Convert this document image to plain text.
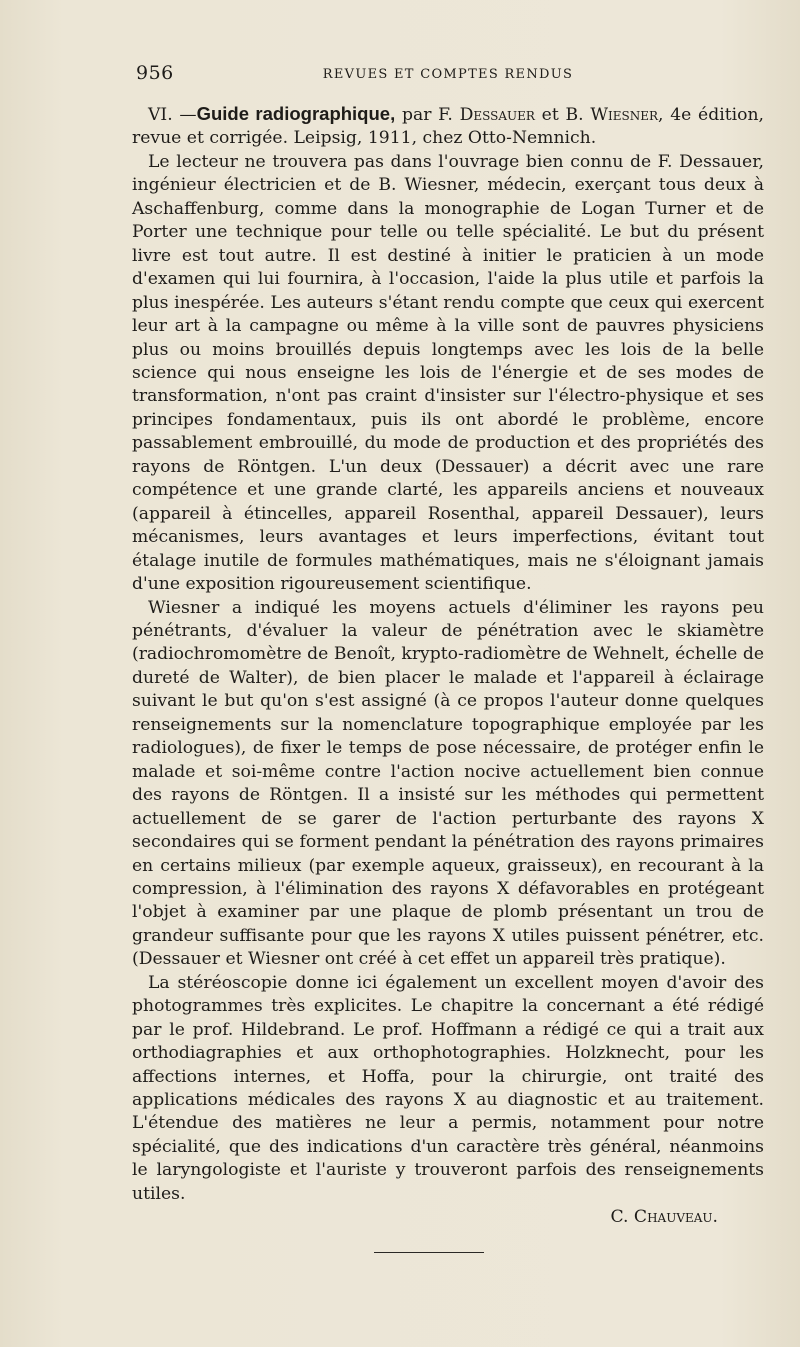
956	REVUES ET COMPTES RENDUS

VI. —Guide radiographique, par F. Dessauer et B. Wiesner, 4e édition, revue et corrigée. Leipsig, 1911, chez Otto-Nemnich.

Le lecteur ne trouvera pas dans l'ouvrage bien connu de F. Dessauer, ingénieur électricien et de B. Wiesner, médecin, exerçant tous deux à Aschaffenburg, comme dans la monographie de Logan Turner et de Porter une technique pour telle ou telle spécialité. Le but du présent livre est tout autre. Il est destiné à initier le praticien à un mode d'examen qui lui fournira, à l'occasion, l'aide la plus utile et parfois la plus inespérée. Les auteurs s'étant rendu compte que ceux qui exercent leur art à la campagne ou même à la ville sont de pauvres physiciens plus ou moins brouillés depuis longtemps avec les lois de la belle science qui nous enseigne les lois de l'énergie et de ses modes de transformation, n'ont pas craint d'insister sur l'électro-physique et ses principes fondamentaux, puis ils ont abordé le problème, encore passablement embrouillé, du mode de production et des propriétés des rayons de Röntgen. L'un deux (Dessauer) a décrit avec une rare compétence et une grande clarté, les appareils anciens et nouveaux (appareil à étincelles, appareil Rosenthal, appareil Dessauer), leurs mécanismes, leurs avantages et leurs imperfections, évitant tout étalage inutile de formules mathématiques, mais ne s'éloignant jamais d'une exposition rigoureusement scientifique.

Wiesner a indiqué les moyens actuels d'éliminer les rayons peu pénétrants, d'évaluer la valeur de pénétration avec le skiamètre (radiochromomètre de Benoît, krypto-radiomètre de Wehnelt, échelle de dureté de Walter), de bien placer le malade et l'appareil à éclairage suivant le but qu'on s'est assigné (à ce propos l'auteur donne quelques renseignements sur la nomenclature topographique employée par les radiologues), de fixer le temps de pose nécessaire, de protéger enfin le malade et soi-même contre l'action nocive actuellement bien connue des rayons de Röntgen. Il a insisté sur les méthodes qui permettent actuellement de se garer de l'action perturbante des rayons X secondaires qui se forment pendant la pénétration des rayons primaires en certains milieux (par exemple aqueux, graisseux), en recourant à la compression, à l'élimination des rayons X défavorables en protégeant l'objet à examiner par une plaque de plomb présentant un trou de grandeur suffisante pour que les rayons X utiles puissent pénétrer, etc. (Dessauer et Wiesner ont créé à cet effet un appareil très pratique).

La stéréoscopie donne ici également un excellent moyen d'avoir des photogrammes très explicites. Le chapitre la concernant a été rédigé par le prof. Hildebrand. Le prof. Hoffmann a rédigé ce qui a trait aux orthodiagraphies et aux orthophotographies. Holzknecht, pour les affections internes, et Hoffa, pour la chirurgie, ont traité des applications médicales des rayons X au diagnostic et au traitement. L'étendue des matières ne leur a permis, notamment pour notre spécialité, que des indications d'un caractère très général, néanmoins le laryngologiste et l'auriste y trouveront parfois des renseignements utiles.

C. Chauveau.
